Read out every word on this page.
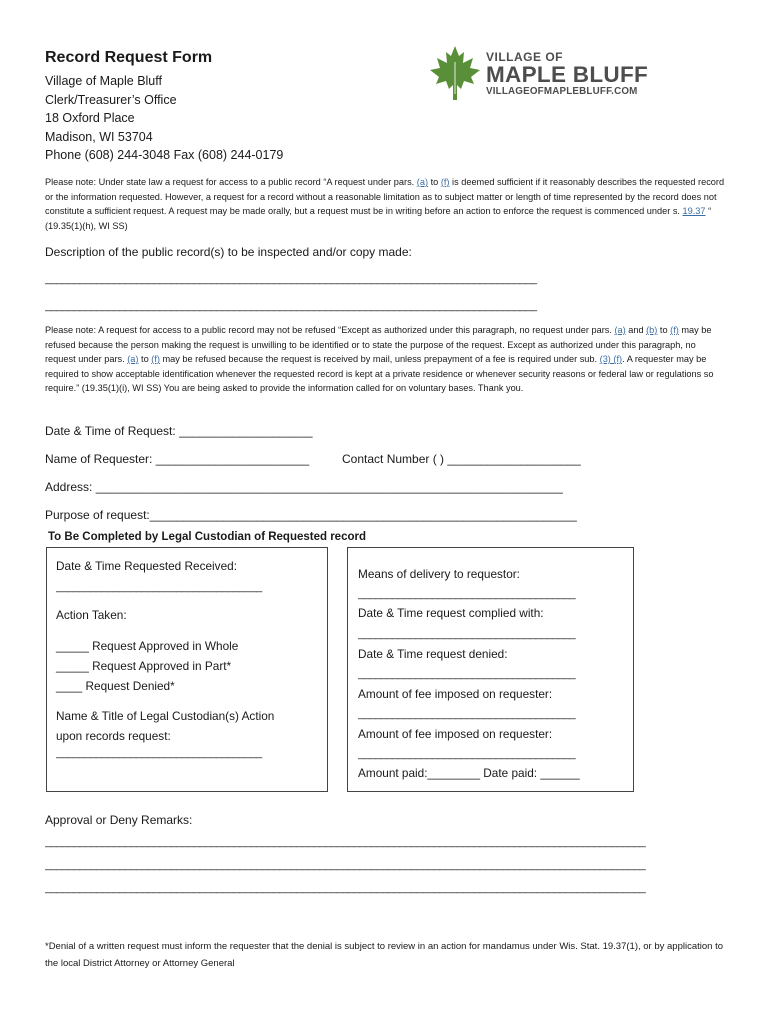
Record Request Form
Village of Maple Bluff
Clerk/Treasurer’s Office
18 Oxford Place
Madison, WI 53704
Phone (608) 244-3048 Fax (608) 244-0179
VILLAGE OF
MAPLE BLUFF
VILLAGEOFMAPLEBLUFF.COM
Please note: Under state law a request for access to a public record “A request under pars. (a) to (f) is deemed sufficient if it reasonably describes the requested record or the information requested. However, a request for a record without a reasonable limitation as to subject matter or length of time represented by the record does not constitute a sufficient request. A request may be made orally, but a request must be in writing before an action to enforce the request is commenced under s. 19.37 “ (19.35(1)(h), WI SS)
Description of the public record(s) to be inspected and/or copy made:
______________________________________________________________________________________
______________________________________________________________________________________
Please note: A request for access to a public record may not be refused “Except as authorized under this paragraph, no request under pars. (a) and (b) to (f) may be refused because the person making the request is unwilling to be identified or to state the purpose of the request. Except as authorized under this paragraph, no request under pars. (a) to (f) may be refused because the request is received by mail, unless prepayment of a fee is required under sub. (3) (f). A requester may be required to show acceptable identification whenever the requested record is kept at a private residence or whenever security reasons or federal law or regulations so require.” (19.35(1)(i), WI SS) You are being asked to provide the information called for on voluntary bases. Thank you.
Date & Time of Request: ____________________
Name of Requester: _______________________	Contact Number ( ) ____________________
Address: ______________________________________________________________________
Purpose of request:________________________________________________________________
To Be Completed by Legal Custodian of Requested record
Date & Time Requested Received:
____________________________________
Action Taken:
_____ Request Approved in Whole
_____ Request Approved in Part*
____ Request Denied*
Name & Title of Legal Custodian(s) Action
upon records request:
____________________________________
Means of delivery to requestor:
______________________________________
Date & Time request complied with:
______________________________________
Date & Time request denied:
______________________________________
Amount of fee imposed on requester:
______________________________________
Amount of fee imposed on requester:
______________________________________
Amount paid:________ Date paid: ______
Approval or Deny Remarks:
_________________________________________________________________________________________________________
_________________________________________________________________________________________________________
_________________________________________________________________________________________________________
*Denial of a written request must inform the requester that the denial is subject to review in an action for mandamus under Wis. Stat. 19.37(1), or by application to the local District Attorney or Attorney General
